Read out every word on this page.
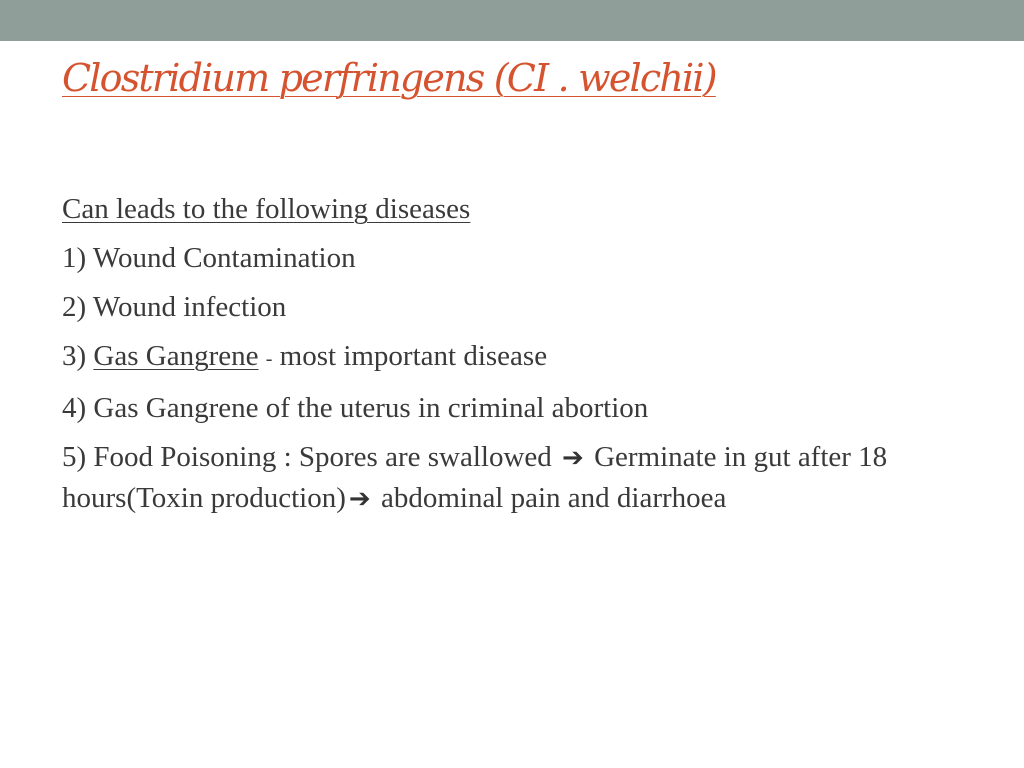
Clostridium perfringens (CI . welchii)

Can leads to the following diseases

1) Wound Contamination

2) Wound infection

3) Gas Gangrene - most important disease

4) Gas Gangrene of the uterus in criminal abortion

5) Food Poisoning : Spores are swallowed ➔ Germinate in gut after 18 hours(Toxin production) ➔ abdominal pain and diarrhoea
